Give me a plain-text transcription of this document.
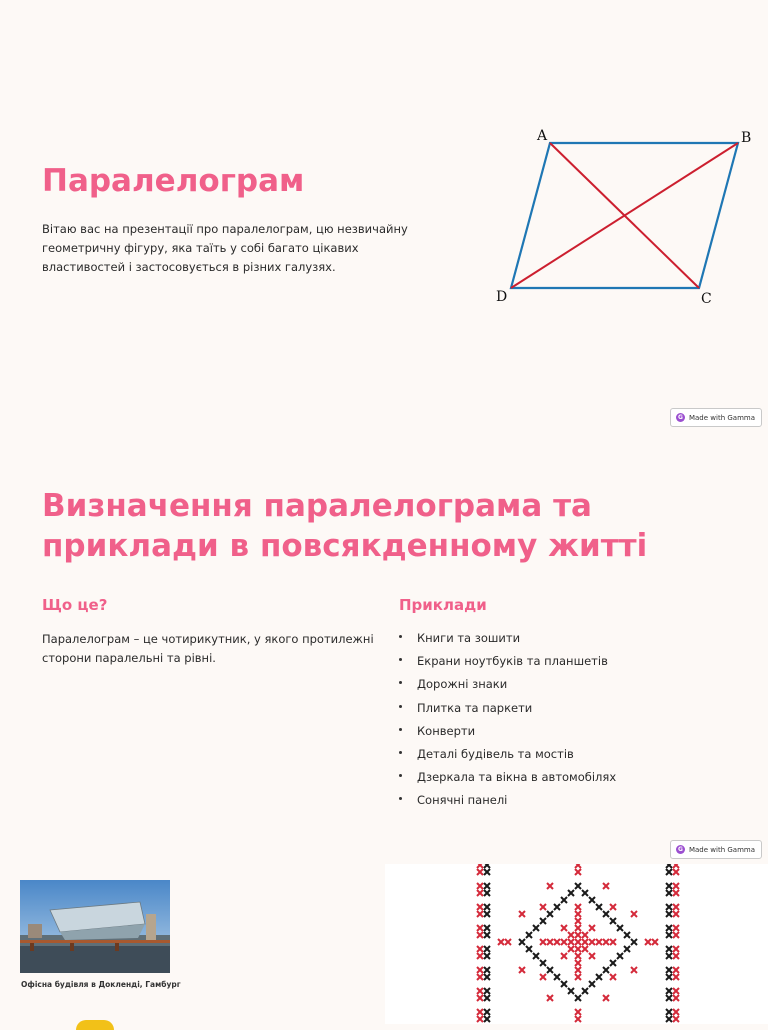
Паралелограм

Вітаю вас на презентації про паралелограм, цю незвичайну геометричну фігуру, яка таїть у собі багато цікавих властивостей і застосовується в різних галузях.

A	B
C
D
G Made with Gamma
Визначення паралелограма та приклади в повсякденному житті
Що це?

Паралелограм – це чотирикутник, у якого протилежні сторони паралельні та рівні.

Приклади
Книги та зошити
Екрани ноутбуків та планшетів
Дорожні знаки
Плитка та паркети
Конверти
Деталі будівель та мостів
Дзеркала та вікна в автомобілях
Сонячні панелі
G Made with Gamma

Офісна будівля в Докленді, Гамбург
